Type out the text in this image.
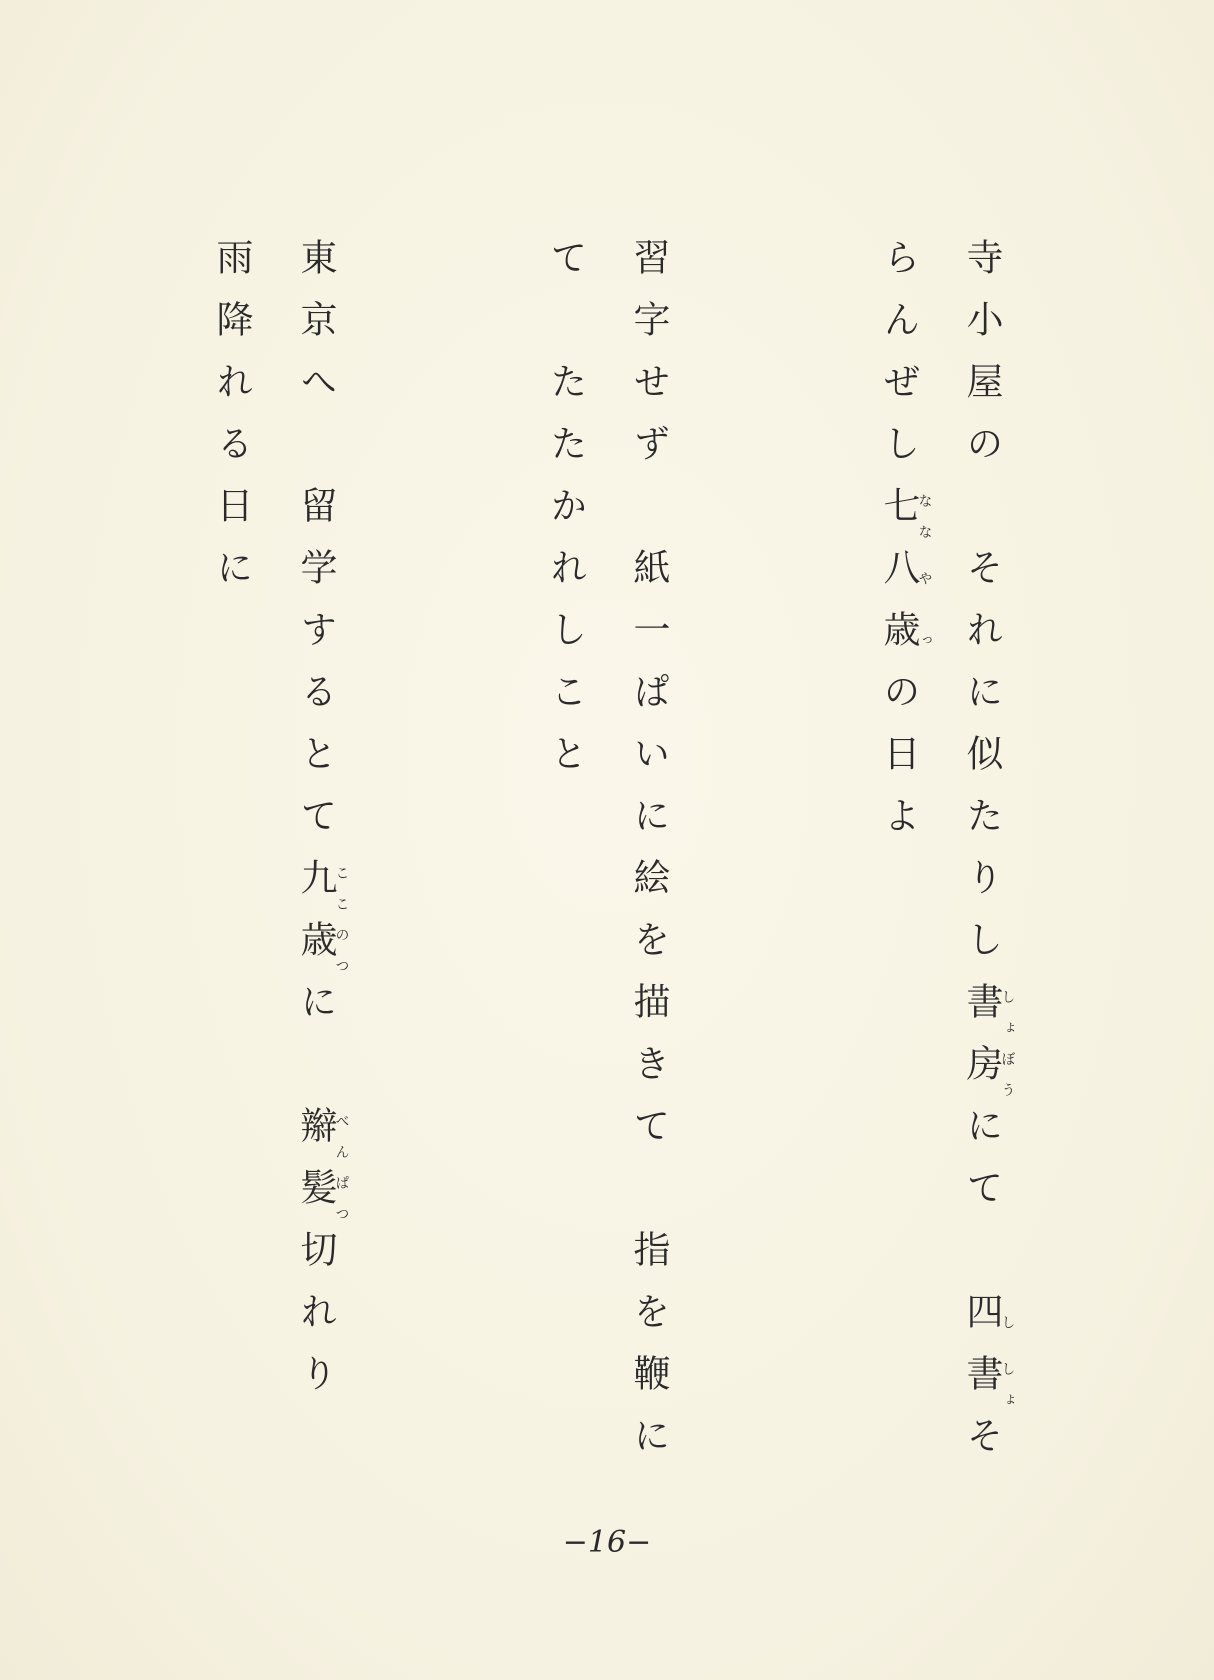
寺小屋の　それに似たりし書しょ房ぼうにて　四し書しょそ
らんぜし七なな八や歳っの日よ
習字せず　紙一ぱいに絵を描きて　指を鞭に
て　たたかれしこと
東京へ　留学するとて九ここ歳のつに　辮べん髪ぱつ切れり
雨降れる日に
−16−
